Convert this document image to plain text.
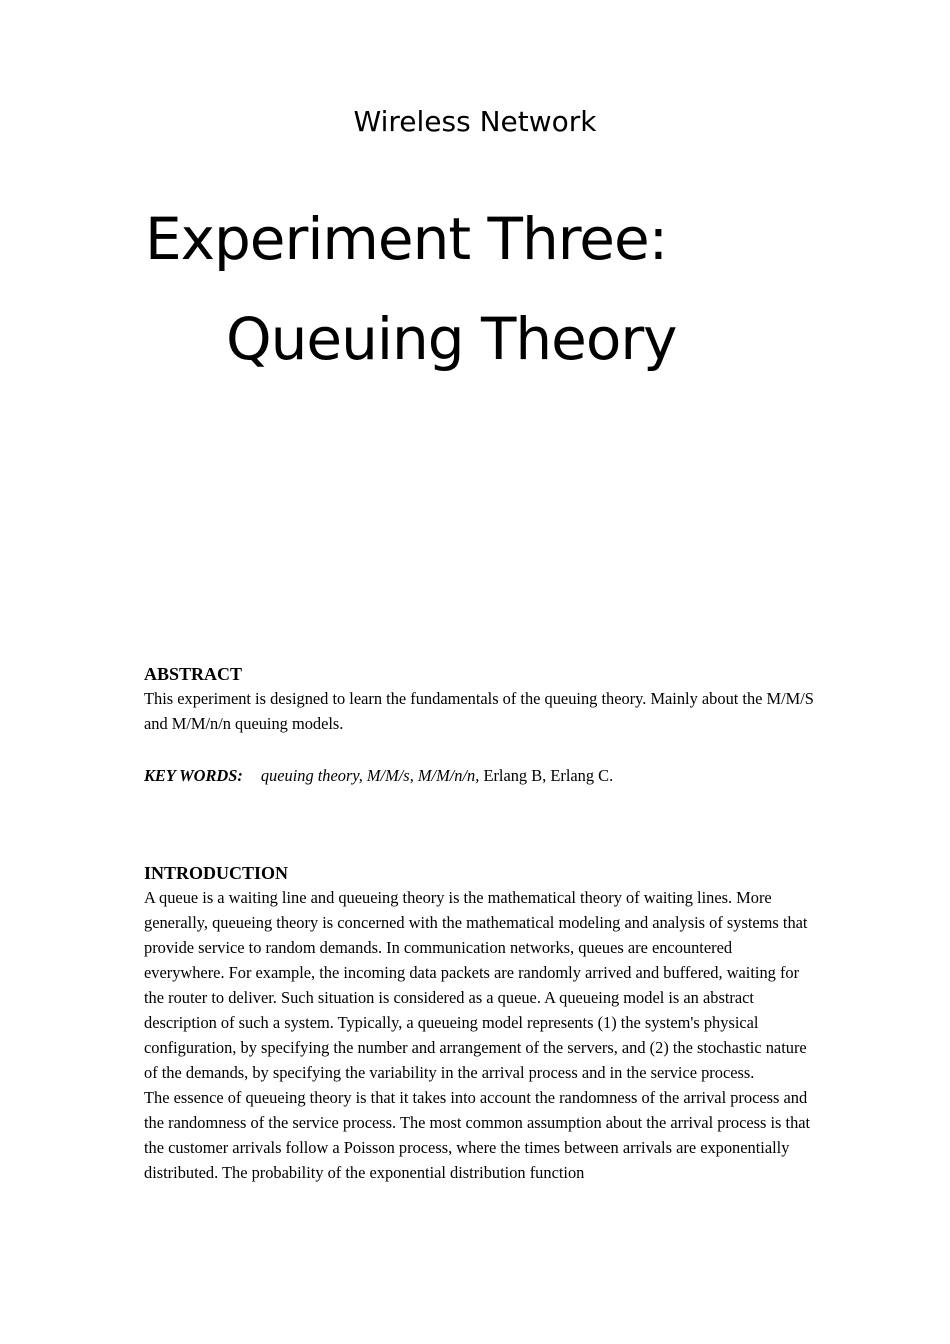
Wireless Network
Experiment Three:
Queuing Theory
ABSTRACT

This experiment is designed to learn the fundamentals of the queuing theory. Mainly about the M/M/S and M/M/n/n queuing models.

KEY WORDS: queuing theory, M/M/s, M/M/n/n, Erlang B, Erlang C.

INTRODUCTION

A queue is a waiting line and queueing theory is the mathematical theory of waiting lines. More generally, queueing theory is concerned with the mathematical modeling and analysis of systems that provide service to random demands. In communication networks, queues are encountered everywhere. For example, the incoming data packets are randomly arrived and buffered, waiting for the router to deliver. Such situation is considered as a queue. A queueing model is an abstract description of such a system. Typically, a queueing model represents (1) the system's physical configuration, by specifying the number and arrangement of the servers, and (2) the stochastic nature of the demands, by specifying the variability in the arrival process and in the service process.

The essence of queueing theory is that it takes into account the randomness of the arrival process and the randomness of the service process. The most common assumption about the arrival process is that the customer arrivals follow a Poisson process, where the times between arrivals are exponentially distributed. The probability of the exponential distribution function
